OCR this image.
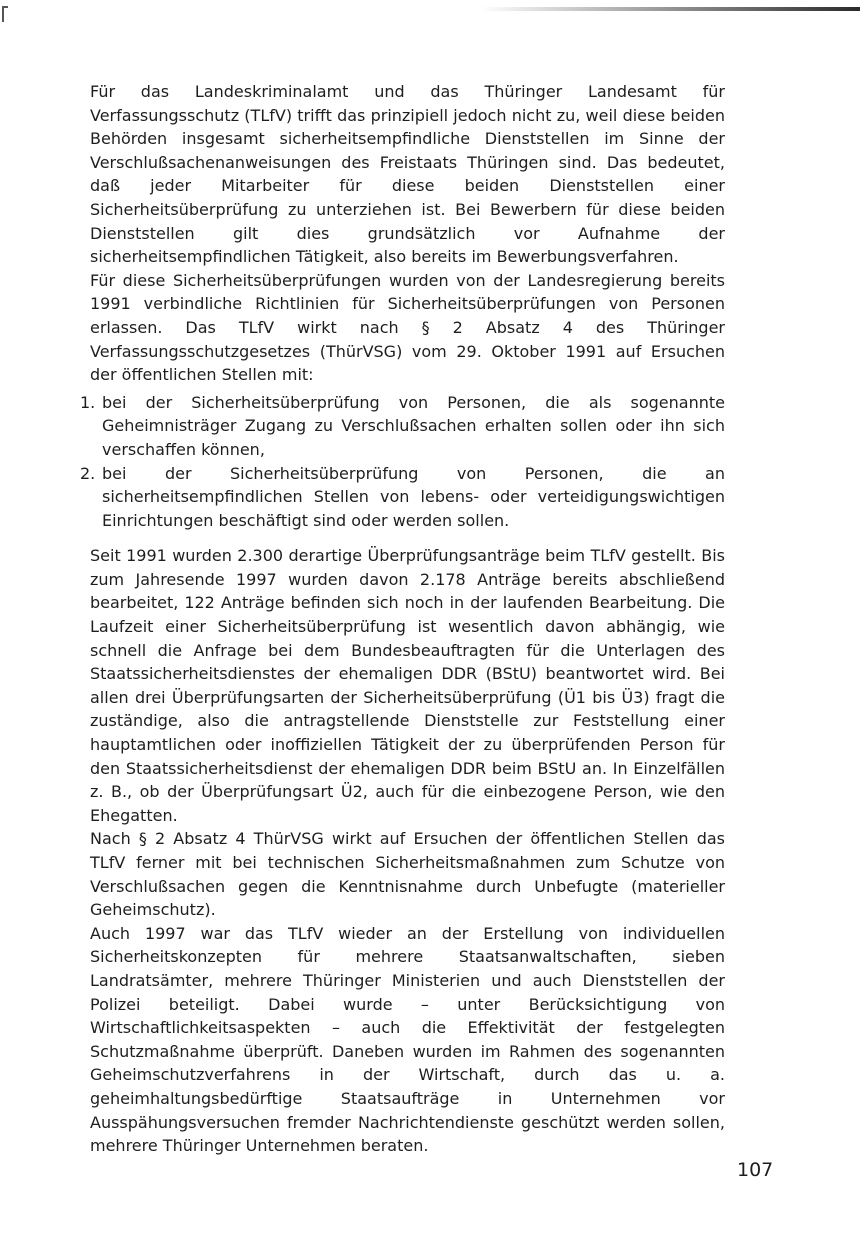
Für das Landeskriminalamt und das Thüringer Landesamt für Verfassungsschutz (TLfV) trifft das prinzipiell jedoch nicht zu, weil diese beiden Behörden insgesamt sicherheitsempfindliche Dienststellen im Sinne der Verschlußsachenanweisungen des Freistaats Thüringen sind. Das bedeutet, daß jeder Mitarbeiter für diese beiden Dienststellen einer Sicherheitsüberprüfung zu unterziehen ist. Bei Bewerbern für diese beiden Dienststellen gilt dies grundsätzlich vor Aufnahme der sicherheitsempfindlichen Tätigkeit, also bereits im Bewerbungsverfahren.

Für diese Sicherheitsüberprüfungen wurden von der Landesregierung bereits 1991 verbindliche Richtlinien für Sicherheitsüberprüfungen von Personen erlassen. Das TLfV wirkt nach § 2 Absatz 4 des Thüringer Verfassungsschutzgesetzes (ThürVSG) vom 29. Oktober 1991 auf Ersuchen der öffentlichen Stellen mit:

1. bei der Sicherheitsüberprüfung von Personen, die als sogenannte Geheimnisträger Zugang zu Verschlußsachen erhalten sollen oder ihn sich verschaffen können,
2. bei der Sicherheitsüberprüfung von Personen, die an sicherheitsempfindlichen Stellen von lebens- oder verteidigungswichtigen Einrichtungen beschäftigt sind oder werden sollen.

Seit 1991 wurden 2.300 derartige Überprüfungsanträge beim TLfV gestellt. Bis zum Jahresende 1997 wurden davon 2.178 Anträge bereits abschließend bearbeitet, 122 Anträge befinden sich noch in der laufenden Bearbeitung. Die Laufzeit einer Sicherheitsüberprüfung ist wesentlich davon abhängig, wie schnell die Anfrage bei dem Bundesbeauftragten für die Unterlagen des Staatssicherheitsdienstes der ehemaligen DDR (BStU) beantwortet wird. Bei allen drei Überprüfungsarten der Sicherheitsüberprüfung (Ü1 bis Ü3) fragt die zuständige, also die antragstellende Dienststelle zur Feststellung einer hauptamtlichen oder inoffiziellen Tätigkeit der zu überprüfenden Person für den Staatssicherheitsdienst der ehemaligen DDR beim BStU an. In Einzelfällen z. B., ob der Überprüfungsart Ü2, auch für die einbezogene Person, wie den Ehegatten.

Nach § 2 Absatz 4 ThürVSG wirkt auf Ersuchen der öffentlichen Stellen das TLfV ferner mit bei technischen Sicherheitsmaßnahmen zum Schutze von Verschlußsachen gegen die Kenntnisnahme durch Unbefugte (materieller Geheimschutz).

Auch 1997 war das TLfV wieder an der Erstellung von individuellen Sicherheitskonzepten für mehrere Staatsanwaltschaften, sieben Landratsämter, mehrere Thüringer Ministerien und auch Dienststellen der Polizei beteiligt. Dabei wurde – unter Berücksichtigung von Wirtschaftlichkeitsaspekten – auch die Effektivität der festgelegten Schutzmaßnahme überprüft. Daneben wurden im Rahmen des sogenannten Geheimschutzverfahrens in der Wirtschaft, durch das u. a. geheimhaltungsbedürftige Staatsaufträge in Unternehmen vor Ausspähungsversuchen fremder Nachrichtendienste geschützt werden sollen, mehrere Thüringer Unternehmen beraten.

107
